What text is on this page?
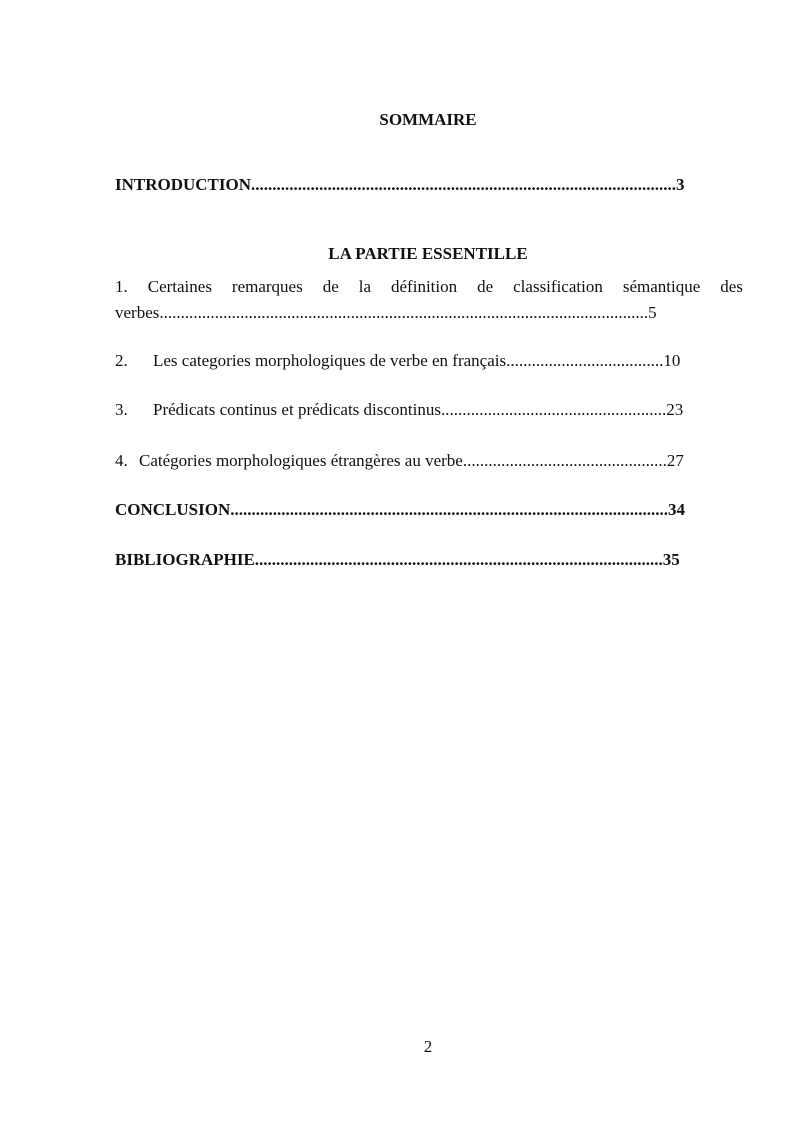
SOMMAIRE

INTRODUCTION....................................................................................................3

LA PARTIE ESSENTILLE

1. Certaines remarques de la définition de classification sémantique des

verbes...................................................................................................................5

2. Les categories morphologiques de verbe en français.....................................10

3. Prédicats continus et prédicats discontinus.....................................................23

4. Catégories morphologiques étrangères au verbe................................................27

CONCLUSION.......................................................................................................34

BIBLIOGRAPHIE................................................................................................35

2
